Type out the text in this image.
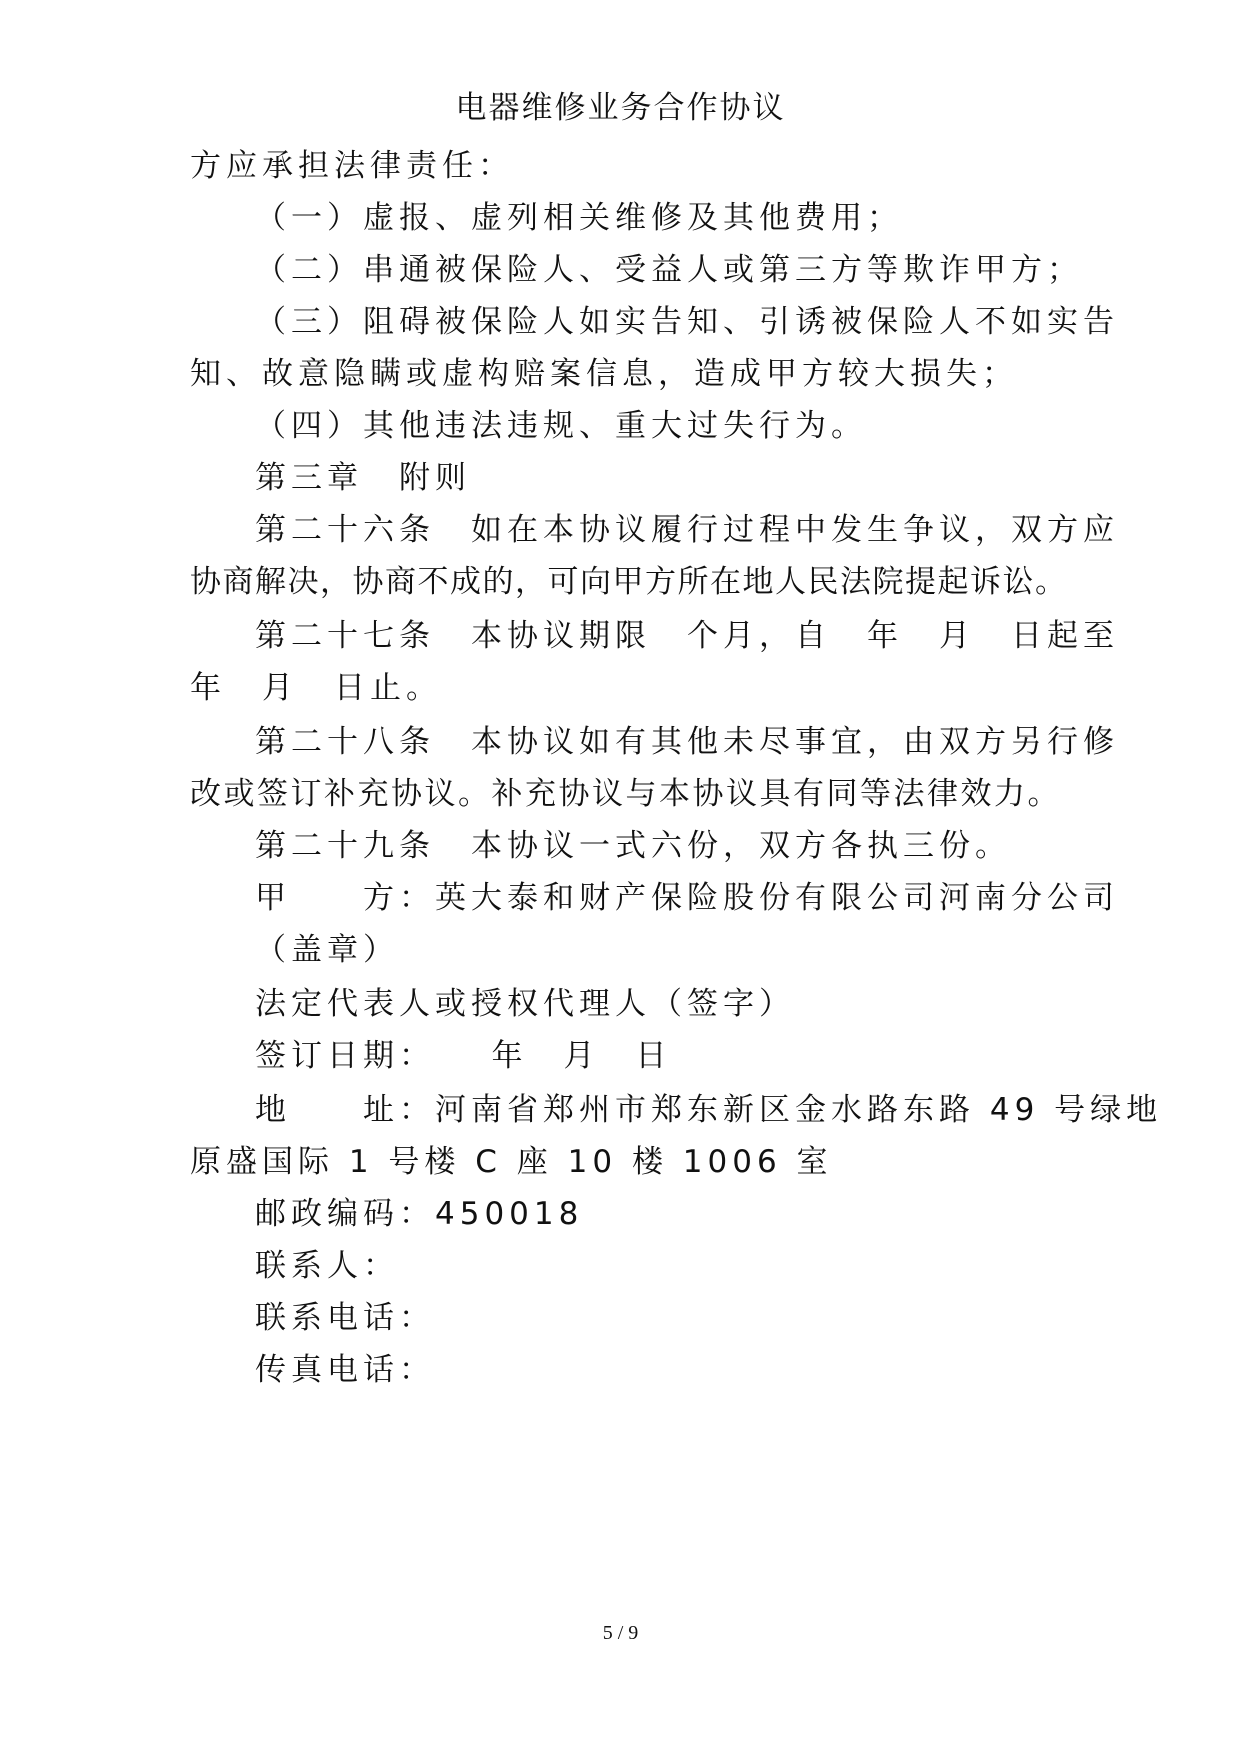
电器维修业务合作协议
方应承担法律责任：
（一）虚报、虚列相关维修及其他费用；
（二）串通被保险人、受益人或第三方等欺诈甲方；
（三）阻碍被保险人如实告知、引诱被保险人不如实告
知、故意隐瞒或虚构赔案信息，造成甲方较大损失；
（四）其他违法违规、重大过失行为。
第三章　附则
第二十六条　如在本协议履行过程中发生争议，双方应
协商解决，协商不成的，可向甲方所在地人民法院提起诉讼。
第二十七条　本协议期限　个月，自　年　月　日起至
年　月　日止。
第二十八条　本协议如有其他未尽事宜，由双方另行修
改或签订补充协议。补充协议与本协议具有同等法律效力。
第二十九条　本协议一式六份，双方各执三份。
甲　　方：英大泰和财产保险股份有限公司河南分公司
（盖章）
法定代表人或授权代理人（签字）
签订日期：　　年　月　日
地　　址：河南省郑州市郑东新区金水路东路 49 号绿地
原盛国际 1 号楼 C 座 10 楼 1006 室
邮政编码：450018
联系人：
联系电话：
传真电话：
5 / 9
